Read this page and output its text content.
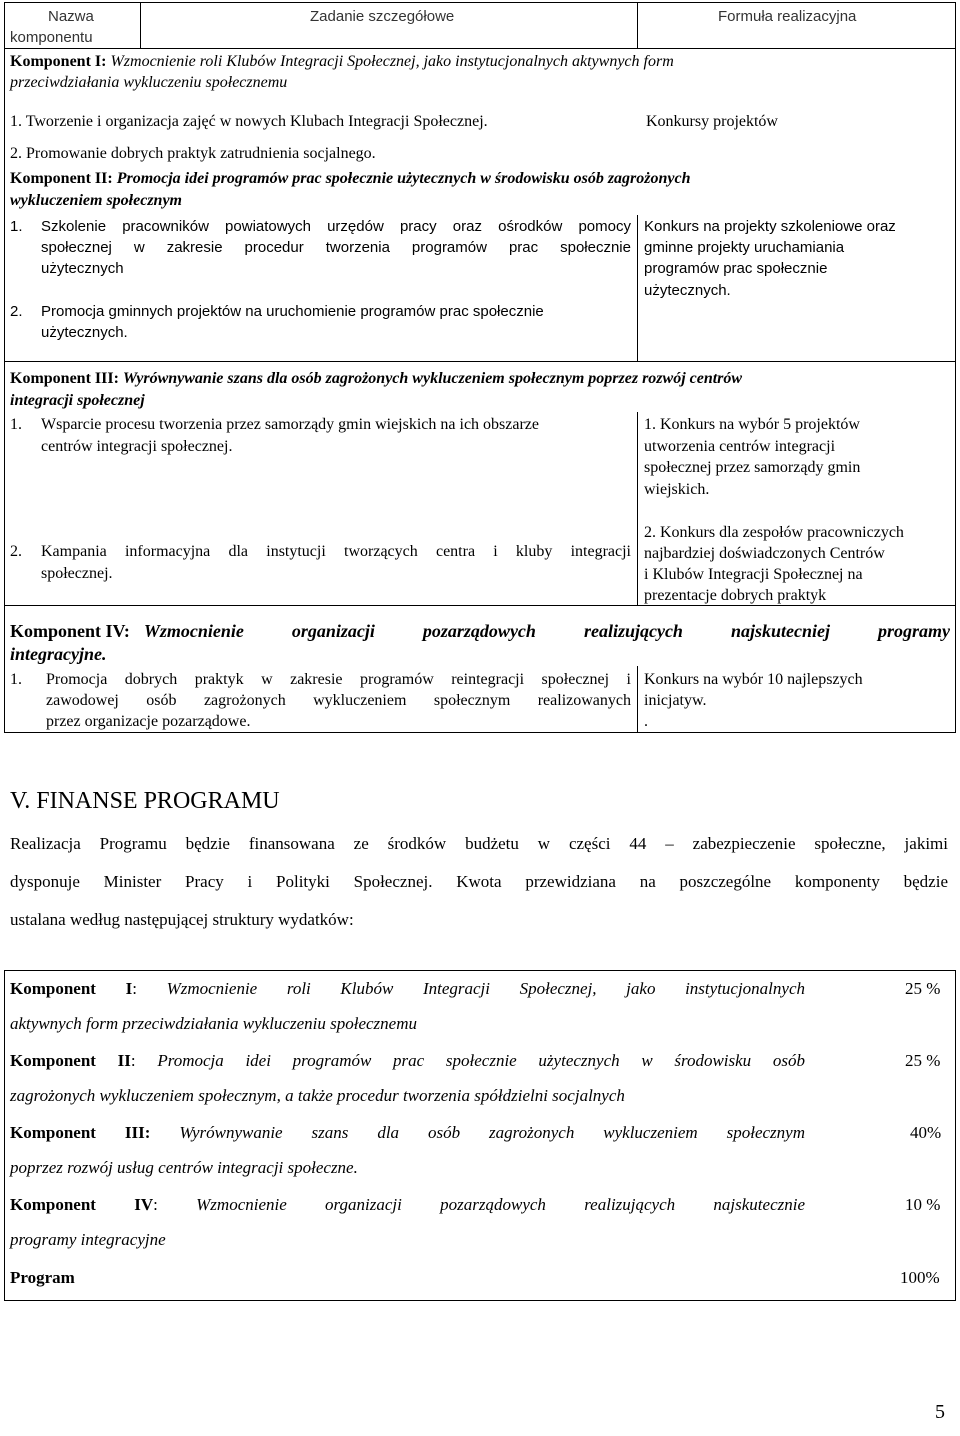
Nazwa
komponentu
Zadanie szczegółowe	Formuła realizacyjna
Komponent I: Wzmocnienie roli Klubów Integracji Społecznej, jako instytucjonalnych aktywnych form
przeciwdziałania wykluczeniu społecznemu
1. Tworzenie i organizacja zajęć w nowych Klubach Integracji Społecznej.
2. Promowanie dobrych praktyk zatrudnienia socjalnego.
Konkursy projektów
Komponent II: Promocja idei programów prac społecznie użytecznych w środowisku osób zagrożonych
wykluczeniem społecznym
1. Szkolenie pracowników powiatowych urzędów pracy oraz ośrodków pomocy
społecznej w zakresie procedur tworzenia programów prac społecznie
użytecznych
2. Promocja gminnych projektów na uruchomienie programów prac społecznie
użytecznych.
Konkurs na projekty szkoleniowe oraz
gminne projekty uruchamiania
programów prac społecznie
użytecznych.
Komponent III: Wyrównywanie szans dla osób zagrożonych wykluczeniem społecznym poprzez rozwój centrów
integracji społecznej
1. Wsparcie procesu tworzenia przez samorządy gmin wiejskich na ich obszarze
centrów integracji społecznej.
2. Kampania informacyjna dla instytucji tworzących centra i kluby integracji
społecznej.
1. Konkurs na wybór 5 projektów
utworzenia centrów integracji
społecznej przez samorządy gmin
wiejskich.
2. Konkurs dla zespołów pracowniczych
najbardziej doświadczonych Centrów
i Klubów Integracji Społecznej na
prezentacje dobrych praktyk
Komponent IV: Wzmocnienie organizacji pozarządowych realizujących najskutecniej programy
integracyjne.
1. Promocja dobrych praktyk w zakresie programów reintegracji społecznej i
zawodowej osób zagrożonych wykluczeniem społecznym realizowanych
przez organizacje pozarządowe.
Konkurs na wybór 10 najlepszych
inicjatyw.
.
V. FINANSE PROGRAMU
Realizacja Programu będzie finansowana ze środków budżetu w części 44 – zabezpieczenie społeczne, jakimi
dysponuje Minister Pracy i Polityki Społecznej. Kwota przewidziana na poszczególne komponenty będzie
ustalana według następującej struktury wydatków:
Komponent I: Wzmocnienie roli Klubów Integracji Społecznej, jako instytucjonalnych
aktywnych form przeciwdziałania wykluczeniu społecznemu
25 %
Komponent II: Promocja idei programów prac społecznie użytecznych w środowisku osób
zagrożonych wykluczeniem społecznym, a także procedur tworzenia spółdzielni socjalnych
25 %
Komponent III: Wyrównywanie szans dla osób zagrożonych wykluczeniem społecznym
poprzez rozwój usług centrów integracji społeczne.
40%
Komponent IV: Wzmocnienie organizacji pozarządowych realizujących najskutecznie
programy integracyjne
10 %
Program	100%
5
